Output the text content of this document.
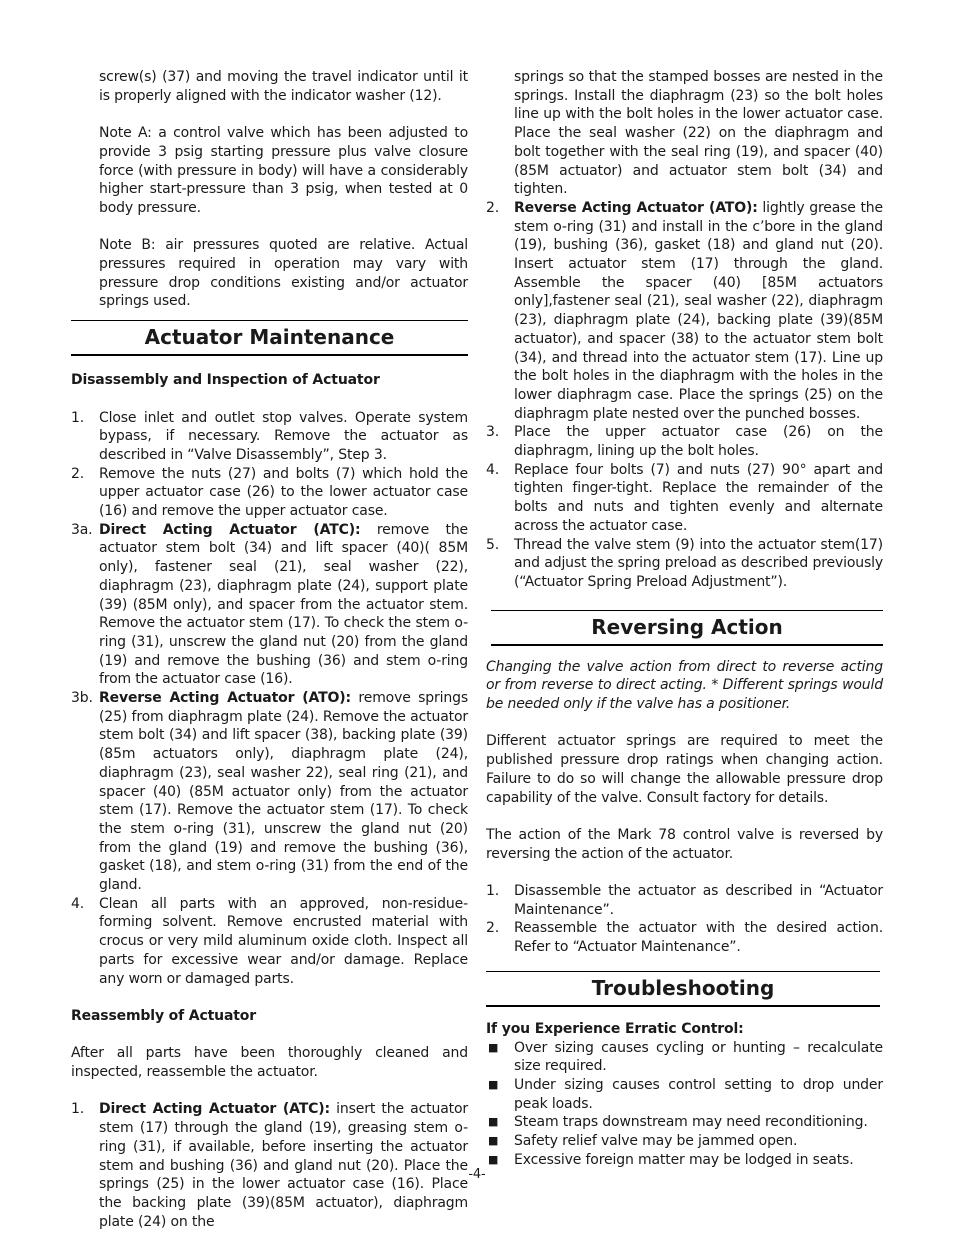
screw(s) (37) and moving the travel indicator until it is properly aligned with the indicator washer (12).

Note A: a control valve which has been adjusted to provide 3 psig starting pressure plus valve closure force (with pressure in body) will have a considerably higher start-pressure than 3 psig, when tested at 0 body pressure.

Note B: air pressures quoted are relative. Actual pressures required in operation may vary with pressure drop conditions existing and/or actuator springs used.

Actuator Maintenance

Disassembly and Inspection of Actuator

1. Close inlet and outlet stop valves. Operate system bypass, if necessary. Remove the actuator as described in “Valve Disassembly”, Step 3.
2. Remove the nuts (27) and bolts (7) which hold the upper actuator case (26) to the lower actuator case (16) and remove the upper actuator case.
3a. Direct Acting Actuator (ATC): remove the actuator stem bolt (34) and lift spacer (40)( 85M only), fastener seal (21), seal washer (22), diaphragm (23), diaphragm plate (24), support plate (39) (85M only), and spacer from the actuator stem. Remove the actuator stem (17). To check the stem o-ring (31), unscrew the gland nut (20) from the gland (19) and remove the bushing (36) and stem o-ring from the actuator case (16).
3b. Reverse Acting Actuator (ATO): remove springs (25) from diaphragm plate (24). Remove the actuator stem bolt (34) and lift spacer (38), backing plate (39) (85m actuators only), diaphragm plate (24), diaphragm (23), seal washer 22), seal ring (21), and spacer (40) (85M actuator only) from the actuator stem (17). Remove the actuator stem (17). To check the stem o-ring (31), unscrew the gland nut (20) from the gland (19) and remove the bushing (36), gasket (18), and stem o-ring (31) from the end of the gland.
4. Clean all parts with an approved, non-residue-forming solvent. Remove encrusted material with crocus or very mild aluminum oxide cloth. Inspect all parts for excessive wear and/or damage. Replace any worn or damaged parts.

Reassembly of Actuator

After all parts have been thoroughly cleaned and inspected, reassemble the actuator.

1. Direct Acting Actuator (ATC): insert the actuator stem (17) through the gland (19), greasing stem o-ring (31), if available, before inserting the actuator stem and bushing (36) and gland nut (20). Place the springs (25) in the lower actuator case (16). Place the backing plate (39)(85M actuator), diaphragm plate (24) on the

springs so that the stamped bosses are nested in the springs. Install the diaphragm (23) so the bolt holes line up with the bolt holes in the lower actuator case. Place the seal washer (22) on the diaphragm and bolt together with the seal ring (19), and spacer (40) (85M actuator) and actuator stem bolt (34) and tighten.

2. Reverse Acting Actuator (ATO): lightly grease the stem o-ring (31) and install in the c’bore in the gland (19), bushing (36), gasket (18) and gland nut (20). Insert actuator stem (17) through the gland. Assemble the spacer (40) [85M actuators only],fastener seal (21), seal washer (22), diaphragm (23), diaphragm plate (24), backing plate (39)(85M actuator), and spacer (38) to the actuator stem bolt (34), and thread into the actuator stem (17). Line up the bolt holes in the diaphragm with the holes in the lower diaphragm case. Place the springs (25) on the diaphragm plate nested over the punched bosses.
3. Place the upper actuator case (26) on the diaphragm, lining up the bolt holes.
4. Replace four bolts (7) and nuts (27) 90° apart and tighten finger-tight. Replace the remainder of the bolts and nuts and tighten evenly and alternate across the actuator case.
5. Thread the valve stem (9) into the actuator stem(17) and adjust the spring preload as described previously (“Actuator Spring Preload Adjustment”).
Reversing Action

Changing the valve action from direct to reverse acting or from reverse to direct acting. * Different springs would be needed only if the valve has a positioner.

Different actuator springs are required to meet the published pressure drop ratings when changing action. Failure to do so will change the allowable pressure drop capability of the valve. Consult factory for details.

The action of the Mark 78 control valve is reversed by reversing the action of the actuator.

1. Disassemble the actuator as described in “Actuator Maintenance”.
2. Reassemble the actuator with the desired action. Refer to “Actuator Maintenance”.
Troubleshooting

If you Experience Erratic Control:

■ Over sizing causes cycling or hunting – recalculate size required.
■ Under sizing causes control setting to drop under peak loads.
■ Steam traps downstream may need reconditioning.
■ Safety relief valve may be jammed open.
■ Excessive foreign matter may be lodged in seats.
-4-
